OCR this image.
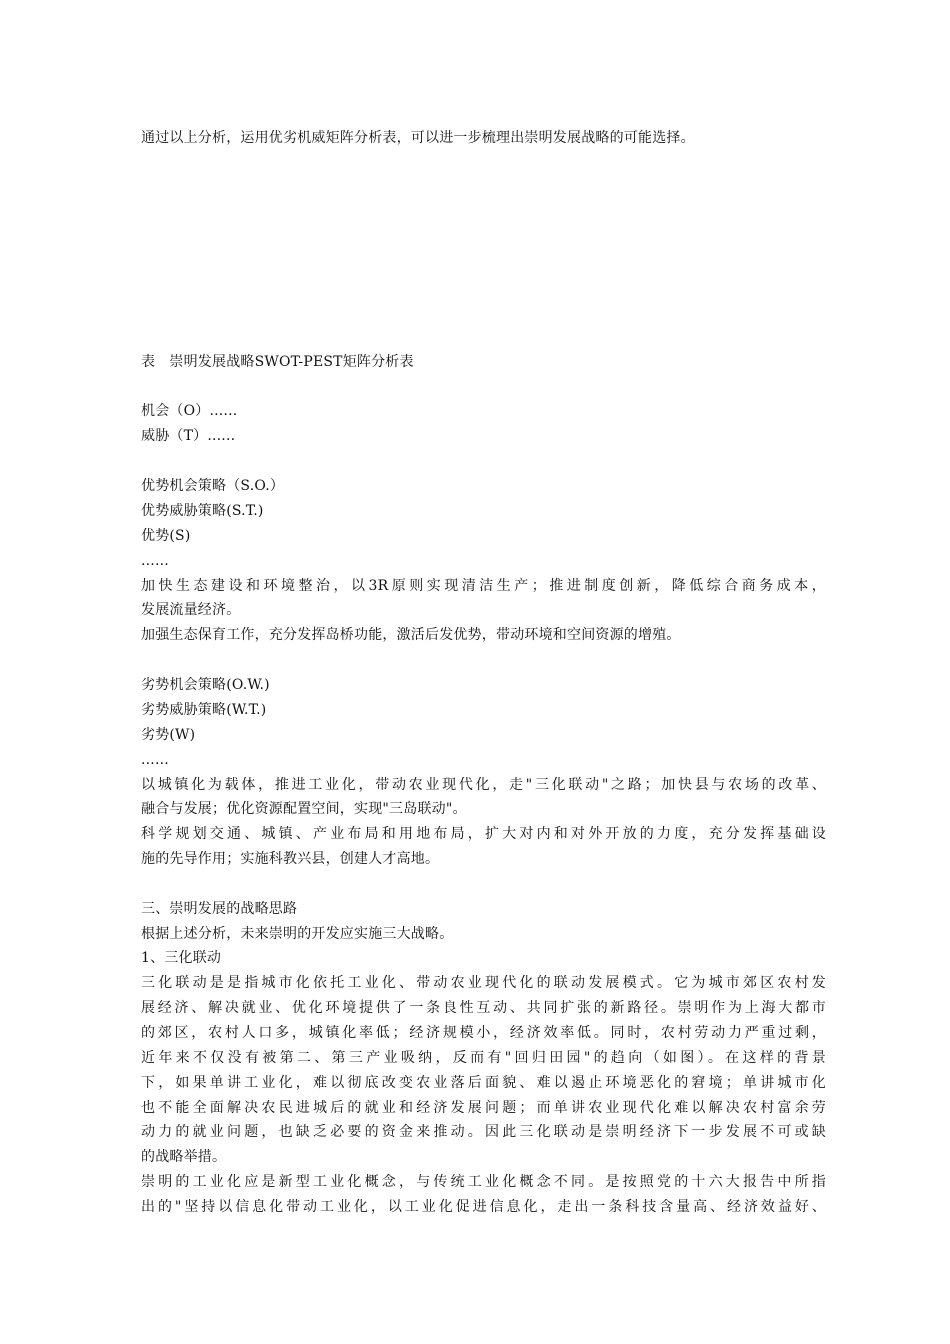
通过以上分析，运用优劣机威矩阵分析表，可以进一步梳理出崇明发展战略的可能选择。
表　崇明发展战略SWOT-PEST矩阵分析表
机会（O）......
威胁（T）......
优势机会策略（S.O.）
优势威胁策略(S.T.)
优势(S)
......
加快生态建设和环境整治，以3R原则实现清洁生产；推进制度创新，降低综合商务成本，
发展流量经济。
加强生态保育工作，充分发挥岛桥功能，激活后发优势，带动环境和空间资源的增殖。
劣势机会策略(O.W.)
劣势威胁策略(W.T.)
劣势(W)
......
以城镇化为载体，推进工业化，带动农业现代化，走"三化联动"之路；加快县与农场的改革、
融合与发展；优化资源配置空间，实现"三岛联动"。
科学规划交通、城镇、产业布局和用地布局，扩大对内和对外开放的力度，充分发挥基础设
施的先导作用；实施科教兴县，创建人才高地。
三、崇明发展的战略思路
根据上述分析，未来崇明的开发应实施三大战略。
1、三化联动
三化联动是是指城市化依托工业化、带动农业现代化的联动发展模式。它为城市郊区农村发
展经济、解决就业、优化环境提供了一条良性互动、共同扩张的新路径。崇明作为上海大都市
的郊区，农村人口多，城镇化率低；经济规模小，经济效率低。同时，农村劳动力严重过剩，
近年来不仅没有被第二、第三产业吸纳，反而有"回归田园"的趋向（如图）。在这样的背景
下，如果单讲工业化，难以彻底改变农业落后面貌、难以遏止环境恶化的窘境；单讲城市化
也不能全面解决农民进城后的就业和经济发展问题；而单讲农业现代化难以解决农村富余劳
动力的就业问题，也缺乏必要的资金来推动。因此三化联动是崇明经济下一步发展不可或缺
的战略举措。
崇明的工业化应是新型工业化概念，与传统工业化概念不同。是按照党的十六大报告中所指
出的"坚持以信息化带动工业化，以工业化促进信息化，走出一条科技含量高、经济效益好、
